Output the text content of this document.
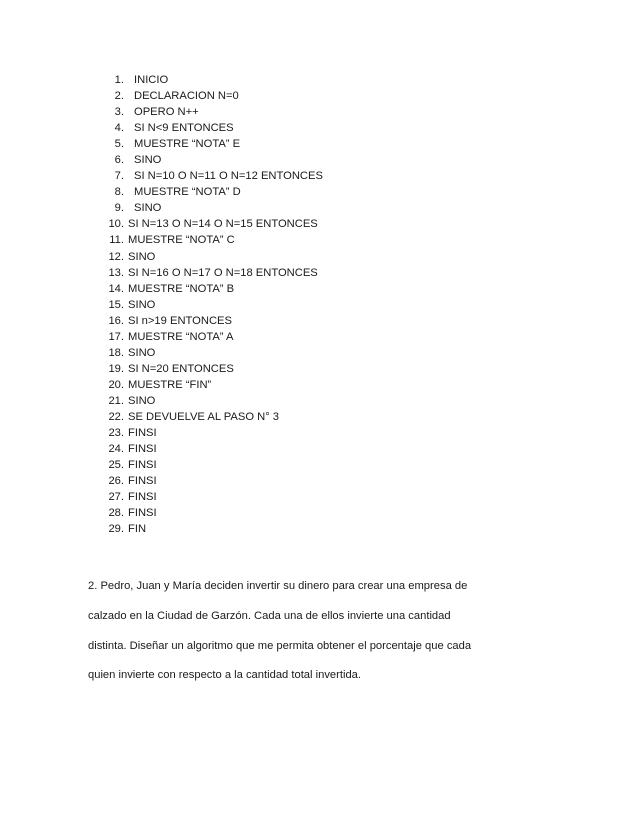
1. INICIO
2. DECLARACION N=0
3. OPERO N++
4. SI N<9 ENTONCES
5. MUESTRE “NOTA” E
6. SINO
7. SI N=10 O N=11 O N=12 ENTONCES
8. MUESTRE “NOTA” D
9. SINO
10. SI N=13 O N=14 O N=15 ENTONCES
11. MUESTRE “NOTA” C
12. SINO
13. SI N=16 O N=17 O N=18 ENTONCES
14. MUESTRE “NOTA” B
15. SINO
16. SI n>19 ENTONCES
17. MUESTRE “NOTA” A
18. SINO
19. SI N=20 ENTONCES
20. MUESTRE “FIN”
21. SINO
22. SE DEVUELVE AL PASO N° 3
23. FINSI
24. FINSI
25. FINSI
26. FINSI
27. FINSI
28. FINSI
29. FIN

2. Pedro, Juan y María deciden invertir su dinero para crear una empresa de
calzado en la Ciudad de Garzón. Cada una de ellos invierte una cantidad
distinta. Diseñar un algoritmo que me permita obtener el porcentaje que cada
quien invierte con respecto a la cantidad total invertida.
